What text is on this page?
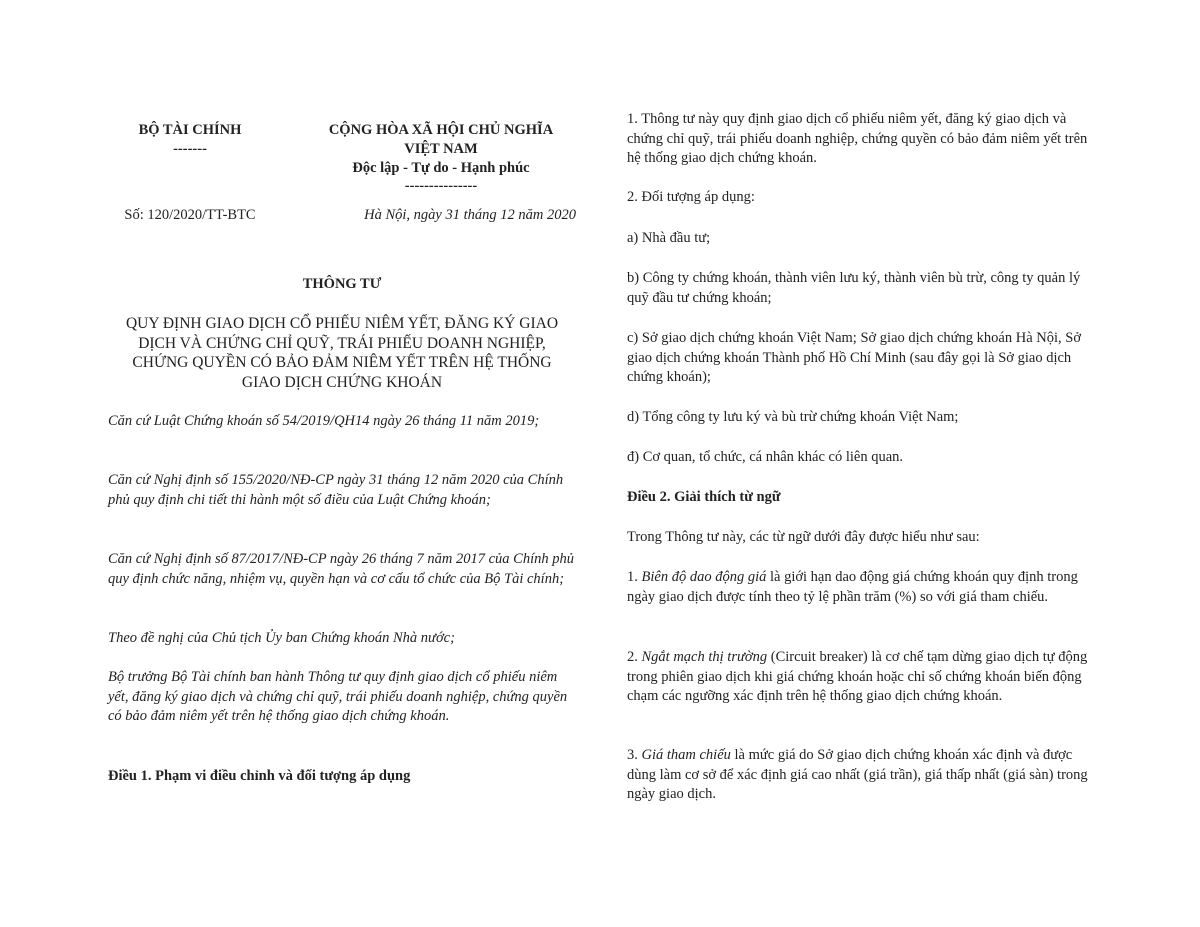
BỘ TÀI CHÍNH

-------

CỘNG HÒA XÃ HỘI CHỦ NGHĨA

VIỆT NAM

Độc lập - Tự do - Hạnh phúc

---------------

Số: 120/2020/TT-BTC	Hà Nội, ngày 31 tháng 12 năm 2020

THÔNG TƯ

QUY ĐỊNH GIAO DỊCH CỔ PHIẾU NIÊM YẾT, ĐĂNG KÝ GIAO DỊCH VÀ CHỨNG CHỈ QUỸ, TRÁI PHIẾU DOANH NGHIỆP, CHỨNG QUYỀN CÓ BẢO ĐẢM NIÊM YẾT TRÊN HỆ THỐNG GIAO DỊCH CHỨNG KHOÁN

Căn cứ Luật Chứng khoán số 54/2019/QH14 ngày 26 tháng 11 năm 2019;

Căn cứ Nghị định số 155/2020/NĐ-CP ngày 31 tháng 12 năm 2020 của Chính phủ quy định chi tiết thi hành một số điều của Luật Chứng khoán;

Căn cứ Nghị định số 87/2017/NĐ-CP ngày 26 tháng 7 năm 2017 của Chính phủ quy định chức năng, nhiệm vụ, quyền hạn và cơ cấu tổ chức của Bộ Tài chính;

Theo đề nghị của Chủ tịch Ủy ban Chứng khoán Nhà nước;

Bộ trưởng Bộ Tài chính ban hành Thông tư quy định giao dịch cổ phiếu niêm yết, đăng ký giao dịch và chứng chỉ quỹ, trái phiếu doanh nghiệp, chứng quyền có bảo đảm niêm yết trên hệ thống giao dịch chứng khoán.

Điều 1. Phạm vi điều chỉnh và đối tượng áp dụng

1. Thông tư này quy định giao dịch cổ phiếu niêm yết, đăng ký giao dịch và chứng chỉ quỹ, trái phiếu doanh nghiệp, chứng quyền có bảo đảm niêm yết trên hệ thống giao dịch chứng khoán.

2. Đối tượng áp dụng:

a) Nhà đầu tư;

b) Công ty chứng khoán, thành viên lưu ký, thành viên bù trừ, công ty quản lý quỹ đầu tư chứng khoán;

c) Sở giao dịch chứng khoán Việt Nam; Sở giao dịch chứng khoán Hà Nội, Sở giao dịch chứng khoán Thành phố Hồ Chí Minh (sau đây gọi là Sở giao dịch chứng khoán);

d) Tổng công ty lưu ký và bù trừ chứng khoán Việt Nam;

đ) Cơ quan, tổ chức, cá nhân khác có liên quan.

Điều 2. Giải thích từ ngữ

Trong Thông tư này, các từ ngữ dưới đây được hiểu như sau:

1. Biên độ dao động giá là giới hạn dao động giá chứng khoán quy định trong ngày giao dịch được tính theo tỷ lệ phần trăm (%) so với giá tham chiếu.

2. Ngắt mạch thị trường (Circuit breaker) là cơ chế tạm dừng giao dịch tự động trong phiên giao dịch khi giá chứng khoán hoặc chỉ số chứng khoán biến động chạm các ngưỡng xác định trên hệ thống giao dịch chứng khoán.

3. Giá tham chiếu là mức giá do Sở giao dịch chứng khoán xác định và được dùng làm cơ sở để xác định giá cao nhất (giá trần), giá thấp nhất (giá sàn) trong ngày giao dịch.
